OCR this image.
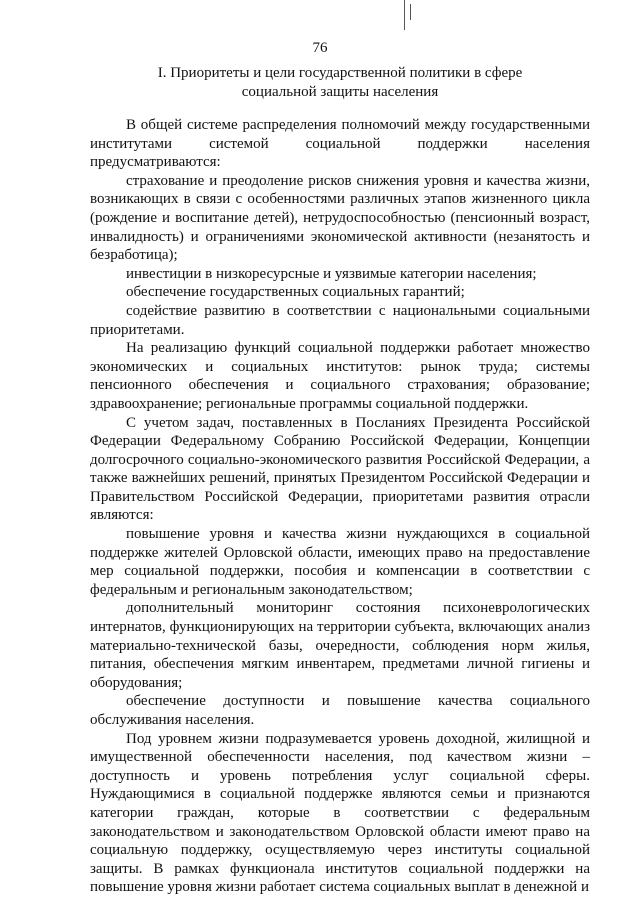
76
I. Приоритеты и цели государственной политики в сфере
социальной защиты населения

В общей системе распределения полномочий между государственными институтами системой социальной поддержки населения предусматриваются:

страхование и преодоление рисков снижения уровня и качества жизни, возникающих в связи с особенностями различных этапов жизненного цикла (рождение и воспитание детей), нетрудоспособностью (пенсионный возраст, инвалидность) и ограничениями экономической активности (незанятость и безработица);

инвестиции в низкоресурсные и уязвимые категории населения;

обеспечение государственных социальных гарантий;

содействие развитию в соответствии с национальными социальными приоритетами.

На реализацию функций социальной поддержки работает множество экономических и социальных институтов: рынок труда; системы пенсионного обеспечения и социального страхования; образование; здравоохранение; региональные программы социальной поддержки.

С учетом задач, поставленных в Посланиях Президента Российской Федерации Федеральному Собранию Российской Федерации, Концепции долгосрочного социально-экономического развития Российской Федерации, а также важнейших решений, принятых Президентом Российской Федерации и Правительством Российской Федерации, приоритетами развития отрасли являются:

повышение уровня и качества жизни нуждающихся в социальной поддержке жителей Орловской области, имеющих право на предоставление мер социальной поддержки, пособия и компенсации в соответствии с федеральным и региональным законодательством;

дополнительный мониторинг состояния психоневрологических интернатов, функционирующих на территории субъекта, включающих анализ материально-технической базы, очередности, соблюдения норм жилья, питания, обеспечения мягким инвентарем, предметами личной гигиены и оборудования;

обеспечение доступности и повышение качества социального обслуживания населения.

Под уровнем жизни подразумевается уровень доходной, жилищной и имущественной обеспеченности населения, под качеством жизни – доступность и уровень потребления услуг социальной сферы. Нуждающимися в социальной поддержке являются семьи и признаются категории граждан, которые в соответствии с федеральным законодательством и законодательством Орловской области имеют право на социальную поддержку, осуществляемую через институты социальной защиты. В рамках функционала институтов социальной поддержки на повышение уровня жизни работает система социальных выплат в денежной и
